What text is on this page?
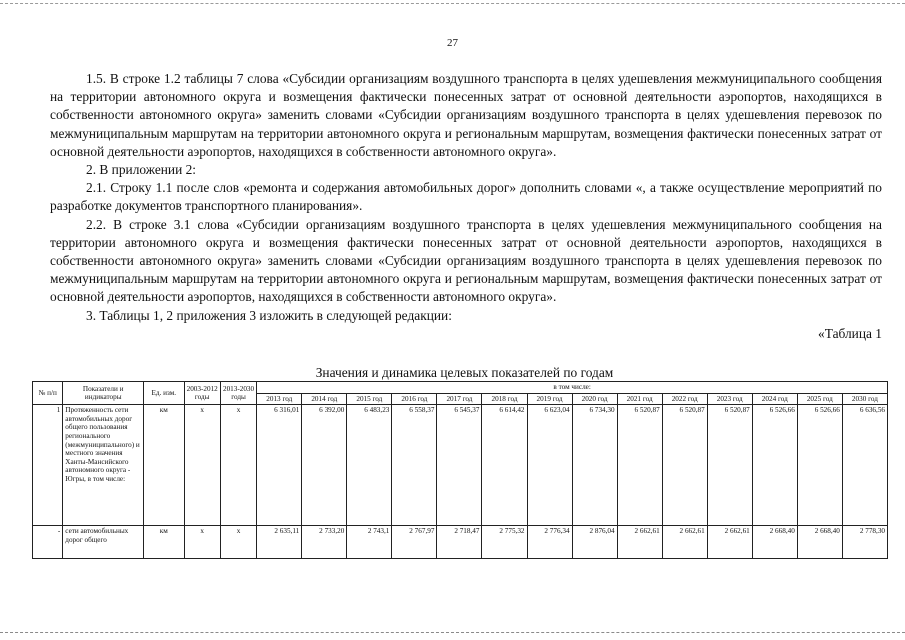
27

1.5. В строке 1.2 таблицы 7 слова «Субсидии организациям воздушного транспорта в целях удешевления межмуниципального сообщения на территории автономного округа и возмещения фактически понесенных затрат от основной деятельности аэропортов, находящихся в собственности автономного округа» заменить словами «Субсидии организациям воздушного транспорта в целях удешевления перевозок по межмуниципальным маршрутам на территории автономного округа и региональным маршрутам, возмещения фактически понесенных затрат от основной деятельности аэропортов, находящихся в собственности автономного округа».

2. В приложении 2:

2.1. Строку 1.1 после слов «ремонта и содержания автомобильных дорог» дополнить словами «, а также осуществление мероприятий по разработке документов транспортного планирования».

2.2. В строке 3.1 слова «Субсидии организациям воздушного транспорта в целях удешевления межмуниципального сообщения на территории автономного округа и возмещения фактически понесенных затрат от основной деятельности аэропортов, находящихся в собственности автономного округа» заменить словами «Субсидии организациям воздушного транспорта в целях удешевления перевозок по межмуниципальным маршрутам на территории автономного округа и региональным маршрутам, возмещения фактически понесенных затрат от основной деятельности аэропортов, находящихся в собственности автономного округа».

3. Таблицы 1, 2 приложения 3 изложить в следующей редакции:

«Таблица 1

Значения и динамика целевых показателей по годам
№ п/п	Показатели и индикаторы	Ед. изм.	2003-2012 годы	2013-2030 годы	в том числе:													
					2013 год	2014 год	2015 год	2016 год	2017 год	2018 год	2019 год	2020 год	2021 год	2022 год	2023 год	2024 год	2025 год	2030 год
1	Протяженность сети автомобильных дорог общего пользования регионального (межмуниципального) и местного значения Ханты-Мансийского автономного округа - Югры, в том числе:	км	х	х	6 316,01	6 392,00	6 483,23	6 558,37	6 545,37	6 614,42	6 623,04	6 734,30	6 520,87	6 520,87	6 520,87	6 526,66	6 526,66	6 636,56
-	сети автомобильных дорог общего	км	х	х	2 635,11	2 733,20	2 743,1	2 767,97	2 718,47	2 775,32	2 776,34	2 876,04	2 662,61	2 662,61	2 662,61	2 668,40	2 668,40	2 778,30
